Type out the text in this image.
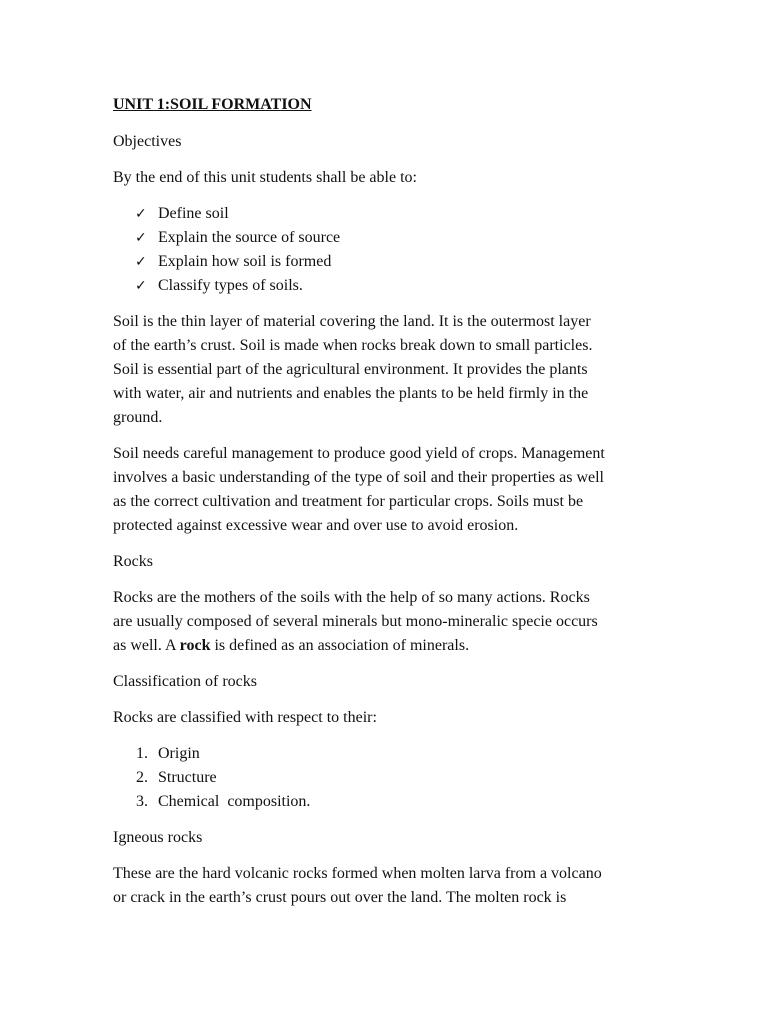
UNIT 1:SOIL FORMATION

Objectives

By the end of this unit students shall be able to:

✓ Define soil
✓ Explain the source of source
✓ Explain how soil is formed
✓ Classify types of soils.

Soil is the thin layer of material covering the land. It is the outermost layer
of the earth’s crust. Soil is made when rocks break down to small particles.
Soil is essential part of the agricultural environment. It provides the plants
with water, air and nutrients and enables the plants to be held firmly in the
ground.

Soil needs careful management to produce good yield of crops. Management
involves a basic understanding of the type of soil and their properties as well
as the correct cultivation and treatment for particular crops. Soils must be
protected against excessive wear and over use to avoid erosion.

Rocks

Rocks are the mothers of the soils with the help of so many actions. Rocks
are usually composed of several minerals but mono-mineralic specie occurs
as well. A rock is defined as an association of minerals.

Classification of rocks

Rocks are classified with respect to their:

1. Origin
2. Structure
3. Chemical  composition.

Igneous rocks

These are the hard volcanic rocks formed when molten larva from a volcano
or crack in the earth’s crust pours out over the land. The molten rock is
